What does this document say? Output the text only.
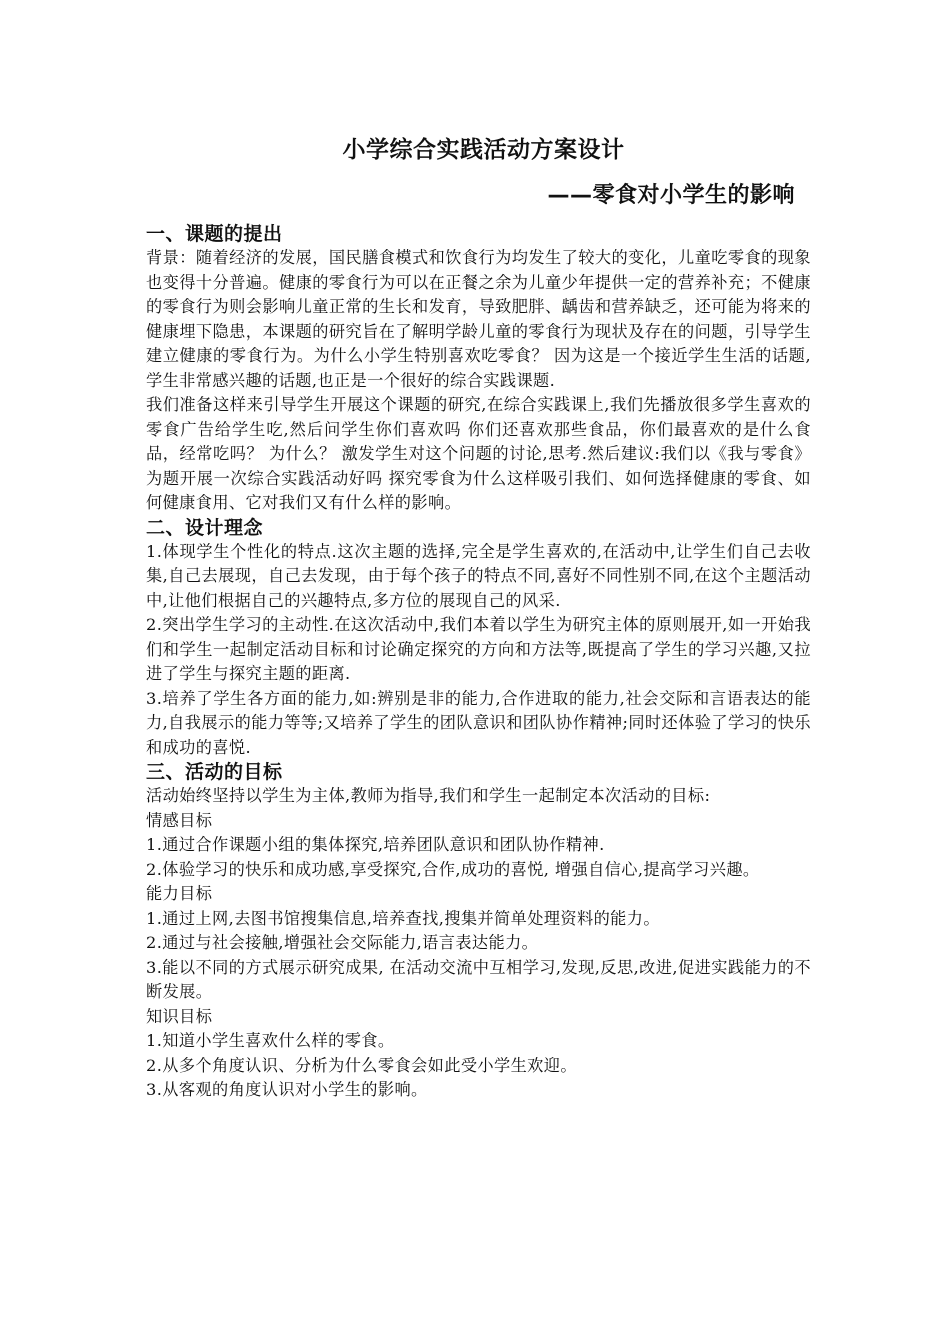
小学综合实践活动方案设计
——零食对小学生的影响
一、课题的提出

背景：随着经济的发展，国民膳食模式和饮食行为均发生了较大的变化，儿童吃零食的现象也变得十分普遍。健康的零食行为可以在正餐之余为儿童少年提供一定的营养补充；不健康的零食行为则会影响儿童正常的生长和发育，导致肥胖、龋齿和营养缺乏，还可能为将来的健康埋下隐患，本课题的研究旨在了解明学龄儿童的零食行为现状及存在的问题，引导学生建立健康的零食行为。为什么小学生特别喜欢吃零食？ 因为这是一个接近学生生活的话题,学生非常感兴趣的话题,也正是一个很好的综合实践课题.

我们准备这样来引导学生开展这个课题的研究,在综合实践课上,我们先播放很多学生喜欢的零食广告给学生吃,然后问学生你们喜欢吗 你们还喜欢那些食品，你们最喜欢的是什么食品，经常吃吗？ 为什么？ 激发学生对这个问题的讨论,思考.然后建议:我们以《我与零食》为题开展一次综合实践活动好吗 探究零食为什么这样吸引我们、如何选择健康的零食、如何健康食用、它对我们又有什么样的影响。

二、设计理念

1.体现学生个性化的特点.这次主题的选择,完全是学生喜欢的,在活动中,让学生们自己去收集,自己去展现，自己去发现，由于每个孩子的特点不同,喜好不同性别不同,在这个主题活动中,让他们根据自己的兴趣特点,多方位的展现自己的风采.

2.突出学生学习的主动性.在这次活动中,我们本着以学生为研究主体的原则展开,如一开始我们和学生一起制定活动目标和讨论确定探究的方向和方法等,既提高了学生的学习兴趣,又拉进了学生与探究主题的距离.

3.培养了学生各方面的能力,如:辨别是非的能力,合作进取的能力,社会交际和言语表达的能力,自我展示的能力等等;又培养了学生的团队意识和团队协作精神;同时还体验了学习的快乐和成功的喜悦.

三、活动的目标

活动始终坚持以学生为主体,教师为指导,我们和学生一起制定本次活动的目标:

情感目标

1.通过合作课题小组的集体探究,培养团队意识和团队协作精神.

2.体验学习的快乐和成功感,享受探究,合作,成功的喜悦, 增强自信心,提高学习兴趣。

能力目标

1.通过上网,去图书馆搜集信息,培养查找,搜集并简单处理资料的能力。

2.通过与社会接触,增强社会交际能力,语言表达能力。

3.能以不同的方式展示研究成果, 在活动交流中互相学习,发现,反思,改进,促进实践能力的不断发展。

知识目标

1.知道小学生喜欢什么样的零食。

2.从多个角度认识、分析为什么零食会如此受小学生欢迎。

3.从客观的角度认识对小学生的影响。
